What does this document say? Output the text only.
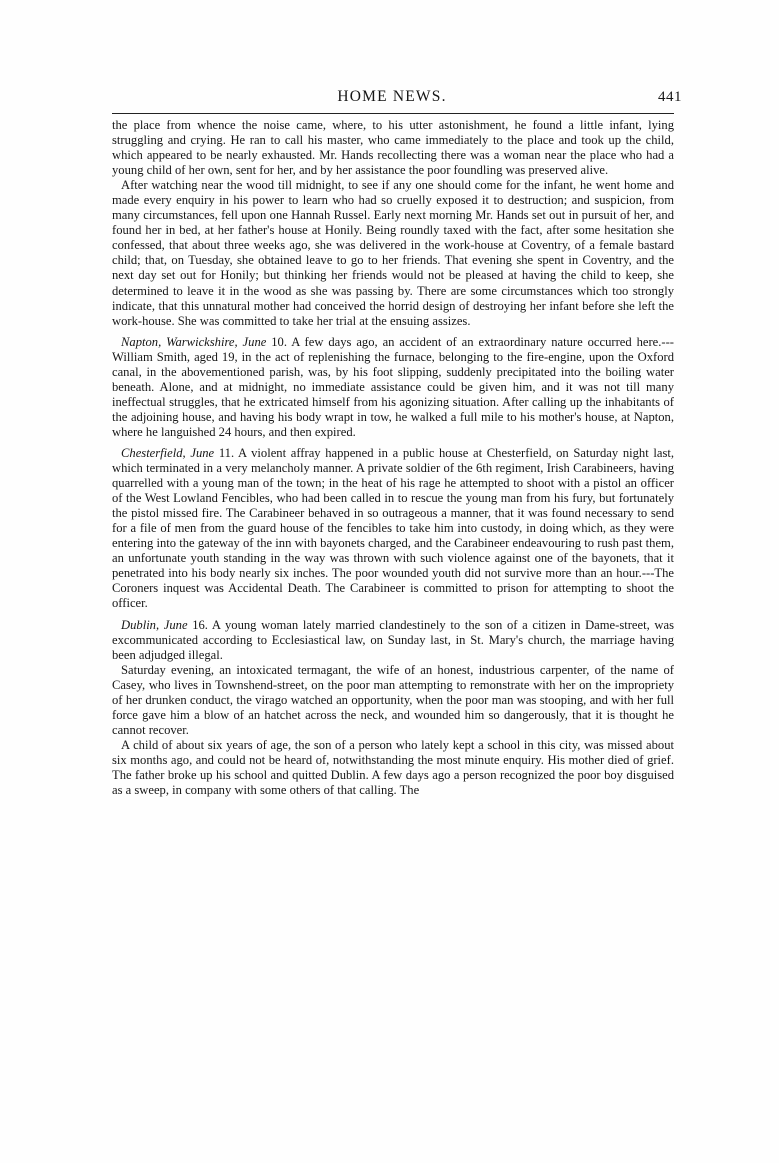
HOME NEWS.	441

the place from whence the noise came, where, to his utter astonishment, he found a little infant, lying struggling and crying. He ran to call his master, who came immediately to the place and took up the child, which appeared to be nearly exhausted. Mr. Hands recollecting there was a woman near the place who had a young child of her own, sent for her, and by her assistance the poor foundling was preserved alive.

After watching near the wood till midnight, to see if any one should come for the infant, he went home and made every enquiry in his power to learn who had so cruelly exposed it to destruction; and suspicion, from many circumstances, fell upon one Hannah Russel. Early next morning Mr. Hands set out in pursuit of her, and found her in bed, at her father's house at Honily. Being roundly taxed with the fact, after some hesitation she confessed, that about three weeks ago, she was delivered in the work-house at Coventry, of a female bastard child; that, on Tuesday, she obtained leave to go to her friends. That evening she spent in Coventry, and the next day set out for Honily; but thinking her friends would not be pleased at having the child to keep, she determined to leave it in the wood as she was passing by. There are some circumstances which too strongly indicate, that this unnatural mother had conceived the horrid design of destroying her infant before she left the work-house. She was committed to take her trial at the ensuing assizes.

Napton, Warwickshire, June 10. A few days ago, an accident of an extraordinary nature occurred here.---William Smith, aged 19, in the act of replenishing the furnace, belonging to the fire-engine, upon the Oxford canal, in the abovementioned parish, was, by his foot slipping, suddenly precipitated into the boiling water beneath. Alone, and at midnight, no immediate assistance could be given him, and it was not till many ineffectual struggles, that he extricated himself from his agonizing situation. After calling up the inhabitants of the adjoining house, and having his body wrapt in tow, he walked a full mile to his mother's house, at Napton, where he languished 24 hours, and then expired.

Chesterfield, June 11. A violent affray happened in a public house at Chesterfield, on Saturday night last, which terminated in a very melancholy manner. A private soldier of the 6th regiment, Irish Carabineers, having quarrelled with a young man of the town; in the heat of his rage he attempted to shoot with a pistol an officer of the West Lowland Fencibles, who had been called in to rescue the young man from his fury, but fortunately the pistol missed fire. The Carabineer behaved in so outrageous a manner, that it was found necessary to send for a file of men from the guard house of the fencibles to take him into custody, in doing which, as they were entering into the gateway of the inn with bayonets charged, and the Carabineer endeavouring to rush past them, an unfortunate youth standing in the way was thrown with such violence against one of the bayonets, that it penetrated into his body nearly six inches. The poor wounded youth did not survive more than an hour.---The Coroners inquest was Accidental Death. The Carabineer is committed to prison for attempting to shoot the officer.

Dublin, June 16. A young woman lately married clandestinely to the son of a citizen in Dame-street, was excommunicated according to Ecclesiastical law, on Sunday last, in St. Mary's church, the marriage having been adjudged illegal.

Saturday evening, an intoxicated termagant, the wife of an honest, industrious carpenter, of the name of Casey, who lives in Townshend-street, on the poor man attempting to remonstrate with her on the impropriety of her drunken conduct, the virago watched an opportunity, when the poor man was stooping, and with her full force gave him a blow of an hatchet across the neck, and wounded him so dangerously, that it is thought he cannot recover.

A child of about six years of age, the son of a person who lately kept a school in this city, was missed about six months ago, and could not be heard of, notwithstanding the most minute enquiry. His mother died of grief. The father broke up his school and quitted Dublin. A few days ago a person recognized the poor boy disguised as a sweep, in company with some others of that calling. The
